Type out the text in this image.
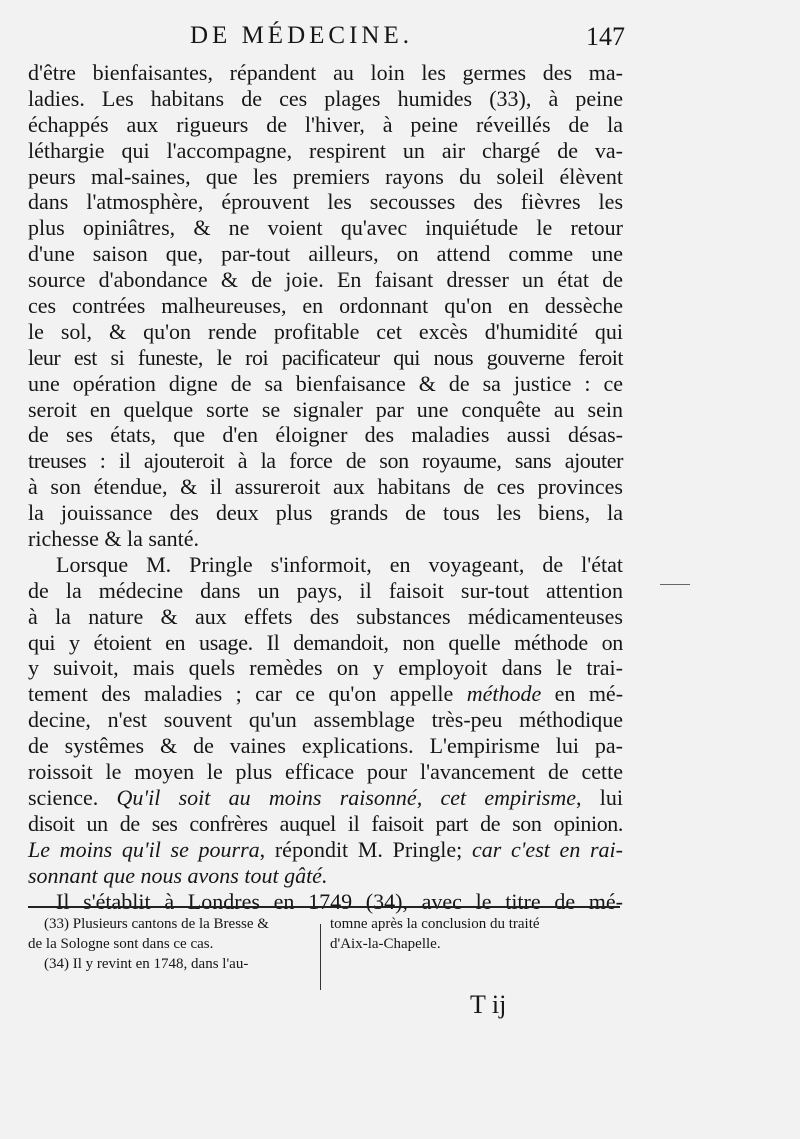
DE MÉDECINE.	147
d'être bienfaisantes, répandent au loin les germes des ma-
ladies. Les habitans de ces plages humides (33), à peine
échappés aux rigueurs de l'hiver, à peine réveillés de la
léthargie qui l'accompagne, respirent un air chargé de va-
peurs mal-saines, que les premiers rayons du soleil élèvent
dans l'atmosphère, éprouvent les secousses des fièvres les
plus opiniâtres, & ne voient qu'avec inquiétude le retour
d'une saison que, par-tout ailleurs, on attend comme une
source d'abondance & de joie. En faisant dresser un état de
ces contrées malheureuses, en ordonnant qu'on en dessèche
le sol, & qu'on rende profitable cet excès d'humidité qui
leur est si funeste, le roi pacificateur qui nous gouverne feroit
une opération digne de sa bienfaisance & de sa justice : ce
seroit en quelque sorte se signaler par une conquête au sein
de ses états, que d'en éloigner des maladies aussi désas-
treuses : il ajouteroit à la force de son royaume, sans ajouter
à son étendue, & il assureroit aux habitans de ces provinces
la jouissance des deux plus grands de tous les biens, la
richesse & la santé.
Lorsque M. Pringle s'informoit, en voyageant, de l'état
de la médecine dans un pays, il faisoit sur-tout attention
à la nature & aux effets des substances médicamenteuses
qui y étoient en usage. Il demandoit, non quelle méthode on
y suivoit, mais quels remèdes on y employoit dans le trai-
tement des maladies ; car ce qu'on appelle méthode en mé-
decine, n'est souvent qu'un assemblage très-peu méthodique
de systêmes & de vaines explications. L'empirisme lui pa-
roissoit le moyen le plus efficace pour l'avancement de cette
science. Qu'il soit au moins raisonné, cet empirisme, lui
disoit un de ses confrères auquel il faisoit part de son opinion.
Le moins qu'il se pourra, répondit M. Pringle; car c'est en rai-
sonnant que nous avons tout gâté.
Il s'établit à Londres en 1749 (34), avec le titre de mé-
(33) Plusieurs cantons de la Bresse &
de la Sologne sont dans ce cas.
(34) Il y revint en 1748, dans l'au-
tomne après la conclusion du traité
d'Aix-la-Chapelle.
T ij
